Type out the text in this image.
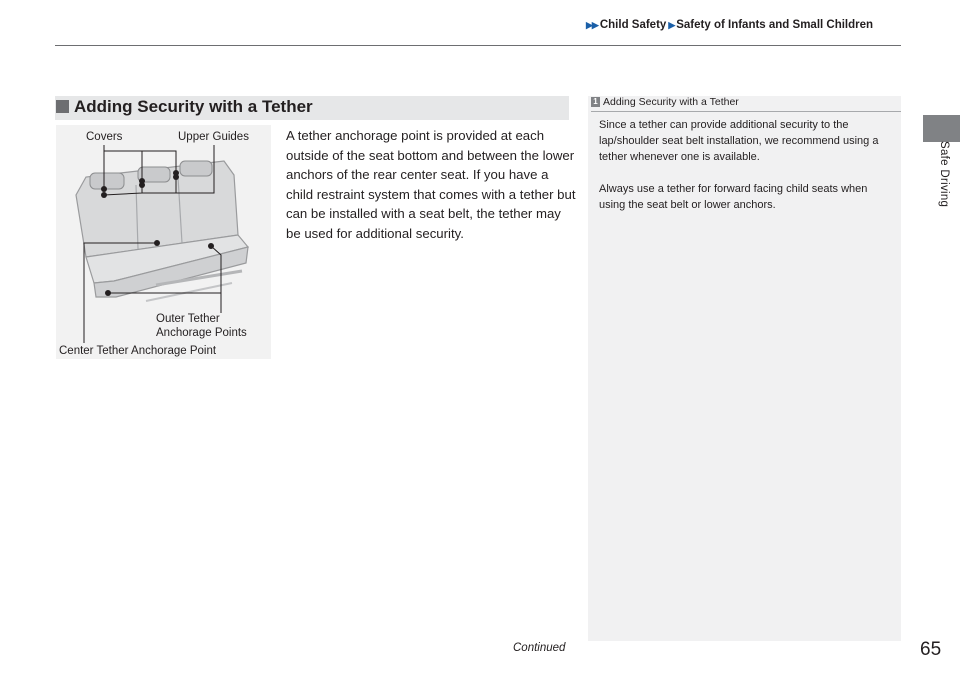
▶▶ Child Safety ▶ Safety of Infants and Small Children
Safe Driving
Adding Security with a Tether
Covers	Upper Guides
Outer Tether
Anchorage Points
Center Tether Anchorage Point
A tether anchorage point is provided at each outside of the seat bottom and between the lower anchors of the rear center seat. If you have a child restraint system that comes with a tether but can be installed with a seat belt, the tether may be used for additional security.
1 Adding Security with a Tether
Since a tether can provide additional security to the lap/shoulder seat belt installation, we recommend using a tether whenever one is available.
Always use a tether for forward facing child seats when using the seat belt or lower anchors.
Continued	65
